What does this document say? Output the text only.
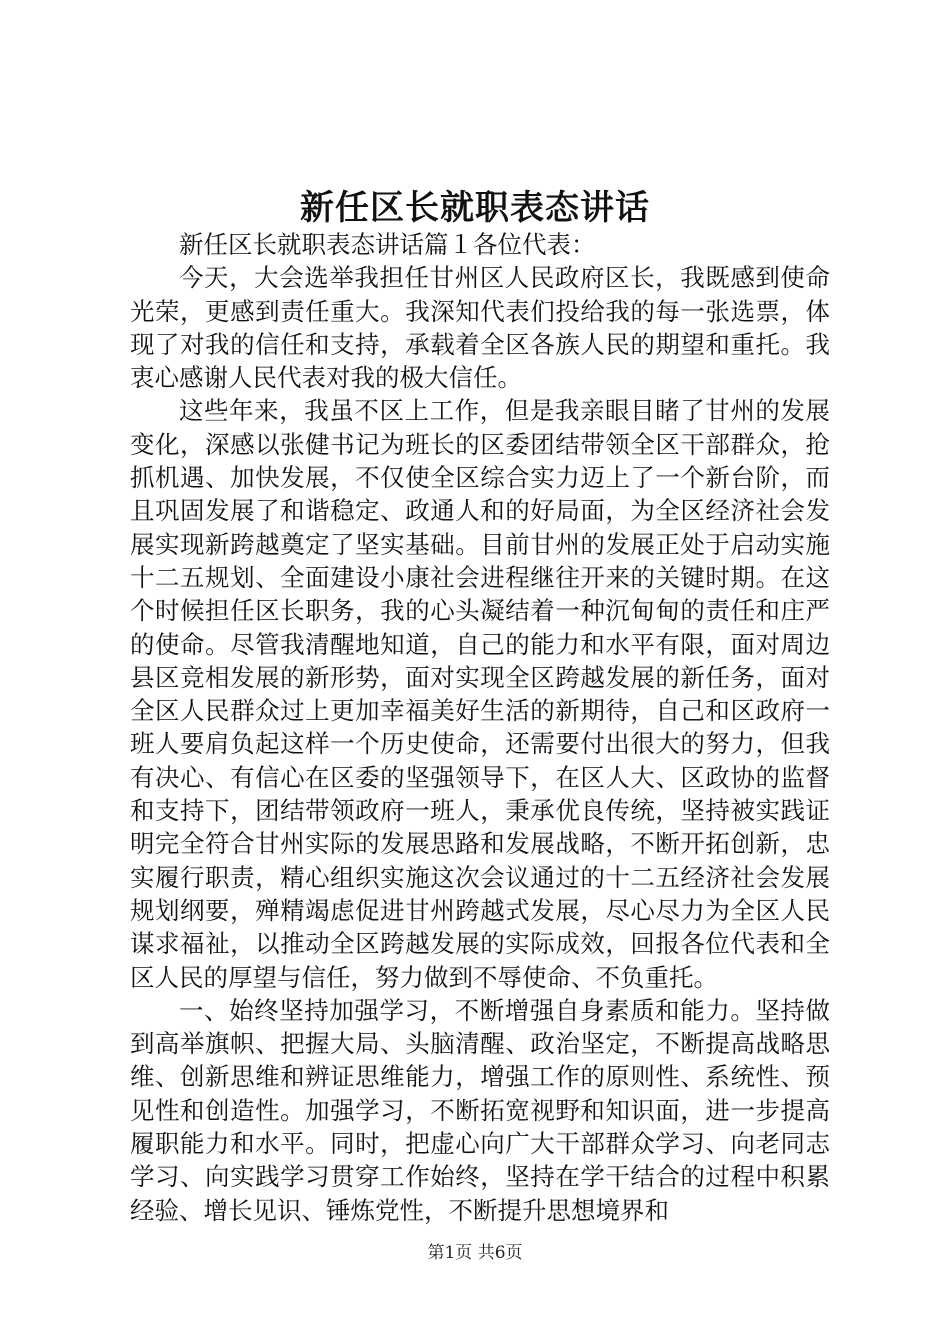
新任区长就职表态讲话

新任区长就职表态讲话篇１各位代表：

今天，大会选举我担任甘州区人民政府区长，我既感到使命光荣，更感到责任重大。我深知代表们投给我的每一张选票，体现了对我的信任和支持，承载着全区各族人民的期望和重托。我衷心感谢人民代表对我的极大信任。

这些年来，我虽不区上工作，但是我亲眼目睹了甘州的发展变化，深感以张健书记为班长的区委团结带领全区干部群众，抢抓机遇、加快发展，不仅使全区综合实力迈上了一个新台阶，而且巩固发展了和谐稳定、政通人和的好局面，为全区经济社会发展实现新跨越奠定了坚实基础。目前甘州的发展正处于启动实施十二五规划、全面建设小康社会进程继往开来的关键时期。在这个时候担任区长职务，我的心头凝结着一种沉甸甸的责任和庄严的使命。尽管我清醒地知道，自己的能力和水平有限，面对周边县区竞相发展的新形势，面对实现全区跨越发展的新任务，面对全区人民群众过上更加幸福美好生活的新期待，自己和区政府一班人要肩负起这样一个历史使命，还需要付出很大的努力，但我有决心、有信心在区委的坚强领导下，在区人大、区政协的监督和支持下，团结带领政府一班人，秉承优良传统，坚持被实践证明完全符合甘州实际的发展思路和发展战略，不断开拓创新，忠实履行职责，精心组织实施这次会议通过的十二五经济社会发展规划纲要，殚精竭虑促进甘州跨越式发展，尽心尽力为全区人民谋求福祉，以推动全区跨越发展的实际成效，回报各位代表和全区人民的厚望与信任，努力做到不辱使命、不负重托。

一、始终坚持加强学习，不断增强自身素质和能力。坚持做到高举旗帜、把握大局、头脑清醒、政治坚定，不断提高战略思维、创新思维和辨证思维能力，增强工作的原则性、系统性、预见性和创造性。加强学习，不断拓宽视野和知识面，进一步提高履职能力和水平。同时，把虚心向广大干部群众学习、向老同志学习、向实践学习贯穿工作始终，坚持在学干结合的过程中积累经验、增长见识、锤炼党性，不断提升思想境界和

第1页 共6页
